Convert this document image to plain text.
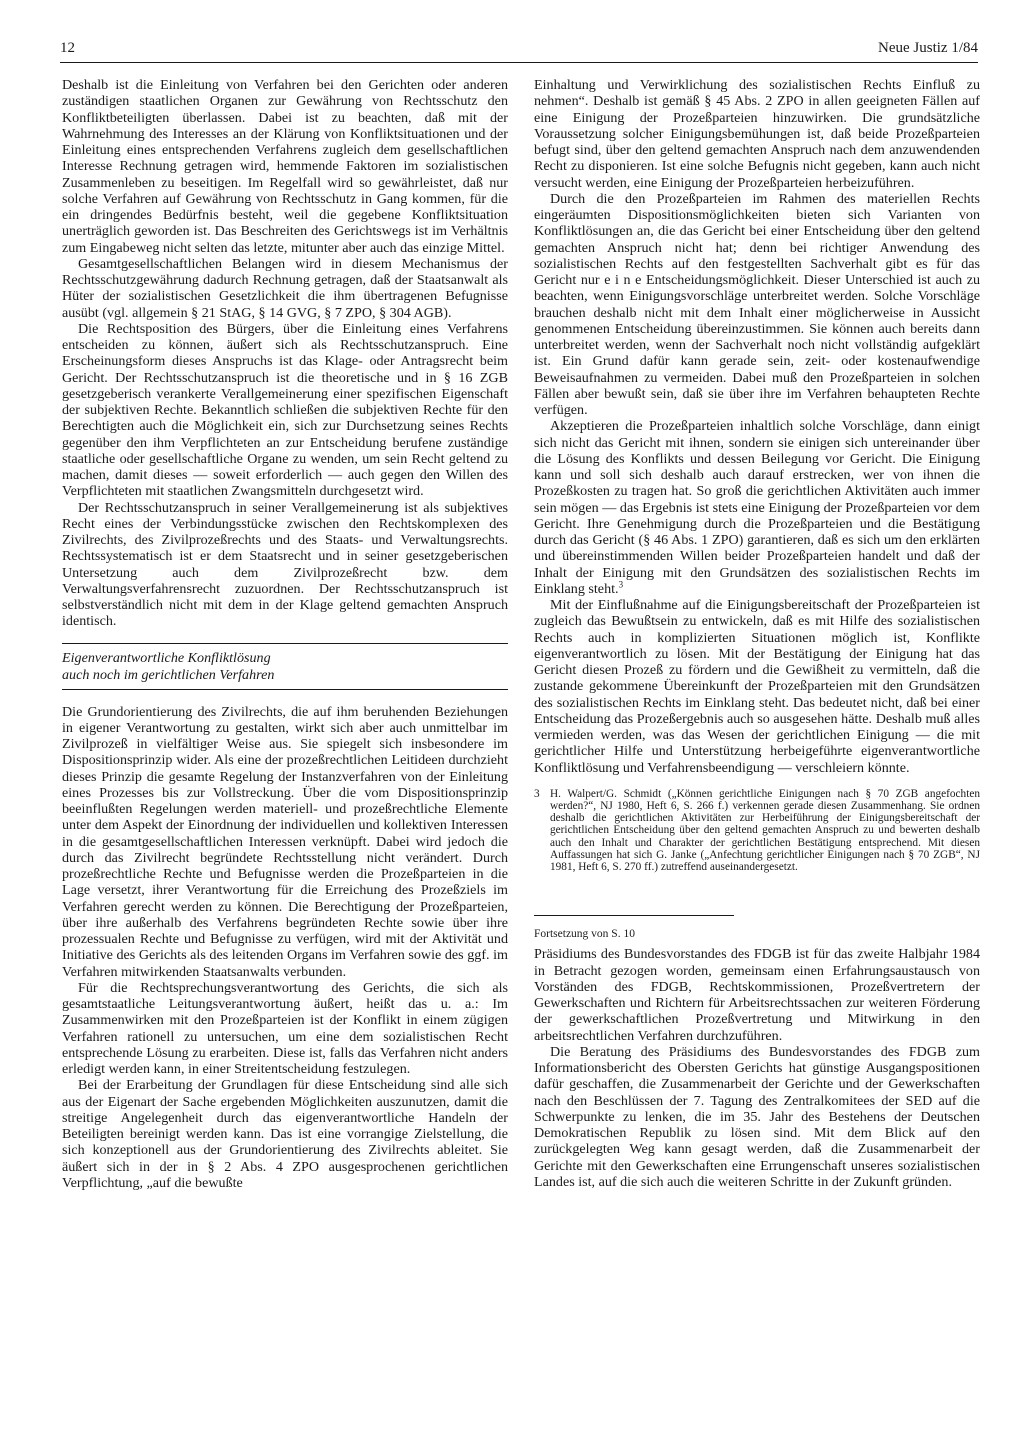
12	Neue Justiz 1/84

Deshalb ist die Einleitung von Verfahren bei den Gerichten oder anderen zuständigen staatlichen Organen zur Gewährung von Rechtsschutz den Konfliktbeteiligten überlassen. Dabei ist zu beachten, daß mit der Wahrnehmung des Interesses an der Klärung von Konfliktsituationen und der Einleitung eines entsprechenden Verfahrens zugleich dem gesellschaftlichen Interesse Rechnung getragen wird, hemmende Faktoren im sozialistischen Zusammenleben zu beseitigen. Im Regelfall wird so gewährleistet, daß nur solche Verfahren auf Gewährung von Rechtsschutz in Gang kommen, für die ein dringendes Bedürfnis besteht, weil die gegebene Konfliktsituation unerträglich geworden ist. Das Beschreiten des Gerichtswegs ist im Verhältnis zum Eingabeweg nicht selten das letzte, mitunter aber auch das einzige Mittel.

Gesamtgesellschaftlichen Belangen wird in diesem Mechanismus der Rechtsschutzgewährung dadurch Rechnung getragen, daß der Staatsanwalt als Hüter der sozialistischen Gesetzlichkeit die ihm übertragenen Befugnisse ausübt (vgl. allgemein § 21 StAG, § 14 GVG, § 7 ZPO, § 304 AGB).

Die Rechtsposition des Bürgers, über die Einleitung eines Verfahrens entscheiden zu können, äußert sich als Rechtsschutzanspruch. Eine Erscheinungsform dieses Anspruchs ist das Klage- oder Antragsrecht beim Gericht. Der Rechtsschutzanspruch ist die theoretische und in § 16 ZGB gesetzgeberisch verankerte Verallgemeinerung einer spezifischen Eigenschaft der subjektiven Rechte. Bekanntlich schließen die subjektiven Rechte für den Berechtigten auch die Möglichkeit ein, sich zur Durchsetzung seines Rechts gegenüber den ihm Verpflichteten an zur Entscheidung berufene zuständige staatliche oder gesellschaftliche Organe zu wenden, um sein Recht geltend zu machen, damit dieses — soweit erforderlich — auch gegen den Willen des Verpflichteten mit staatlichen Zwangsmitteln durchgesetzt wird.

Der Rechtsschutzanspruch in seiner Verallgemeinerung ist als subjektives Recht eines der Verbindungsstücke zwischen den Rechtskomplexen des Zivilrechts, des Zivilprozeßrechts und des Staats- und Verwaltungsrechts. Rechtssystematisch ist er dem Staatsrecht und in seiner gesetzgeberischen Untersetzung auch dem Zivilprozeßrecht bzw. dem Verwaltungsverfahrensrecht zuzuordnen. Der Rechtsschutzanspruch ist selbstverständlich nicht mit dem in der Klage geltend gemachten Anspruch identisch.

Eigenverantwortliche Konfliktlösung
auch noch im gerichtlichen Verfahren

Die Grundorientierung des Zivilrechts, die auf ihm beruhenden Beziehungen in eigener Verantwortung zu gestalten, wirkt sich aber auch unmittelbar im Zivilprozeß in vielfältiger Weise aus. Sie spiegelt sich insbesondere im Dispositionsprinzip wider. Als eine der prozeßrechtlichen Leitideen durchzieht dieses Prinzip die gesamte Regelung der Instanzverfahren von der Einleitung eines Prozesses bis zur Vollstreckung. Über die vom Dispositionsprinzip beeinflußten Regelungen werden materiell- und prozeßrechtliche Elemente unter dem Aspekt der Einordnung der individuellen und kollektiven Interessen in die gesamtgesellschaftlichen Interessen verknüpft. Dabei wird jedoch die durch das Zivilrecht begründete Rechtsstellung nicht verändert. Durch prozeßrechtliche Rechte und Befugnisse werden die Prozeßparteien in die Lage versetzt, ihrer Verantwortung für die Erreichung des Prozeßziels im Verfahren gerecht werden zu können. Die Berechtigung der Prozeßparteien, über ihre außerhalb des Verfahrens begründeten Rechte sowie über ihre prozessualen Rechte und Befugnisse zu verfügen, wird mit der Aktivität und Initiative des Gerichts als des leitenden Organs im Verfahren sowie des ggf. im Verfahren mitwirkenden Staatsanwalts verbunden.

Für die Rechtsprechungsverantwortung des Gerichts, die sich als gesamtstaatliche Leitungsverantwortung äußert, heißt das u. a.: Im Zusammenwirken mit den Prozeßparteien ist der Konflikt in einem zügigen Verfahren rationell zu untersuchen, um eine dem sozialistischen Recht entsprechende Lösung zu erarbeiten. Diese ist, falls das Verfahren nicht anders erledigt werden kann, in einer Streitentscheidung festzulegen.

Bei der Erarbeitung der Grundlagen für diese Entscheidung sind alle sich aus der Eigenart der Sache ergebenden Möglichkeiten auszunutzen, damit die streitige Angelegenheit durch das eigenverantwortliche Handeln der Beteiligten bereinigt werden kann. Das ist eine vorrangige Zielstellung, die sich konzeptionell aus der Grundorientierung des Zivilrechts ableitet. Sie äußert sich in der in § 2 Abs. 4 ZPO ausgesprochenen gerichtlichen Verpflichtung, „auf die bewußte

Einhaltung und Verwirklichung des sozialistischen Rechts Einfluß zu nehmen“. Deshalb ist gemäß § 45 Abs. 2 ZPO in allen geeigneten Fällen auf eine Einigung der Prozeßparteien hinzuwirken. Die grundsätzliche Voraussetzung solcher Einigungsbemühungen ist, daß beide Prozeßparteien befugt sind, über den geltend gemachten Anspruch nach dem anzuwendenden Recht zu disponieren. Ist eine solche Befugnis nicht gegeben, kann auch nicht versucht werden, eine Einigung der Prozeßparteien herbeizuführen.

Durch die den Prozeßparteien im Rahmen des materiellen Rechts eingeräumten Dispositionsmöglichkeiten bieten sich Varianten von Konfliktlösungen an, die das Gericht bei einer Entscheidung über den geltend gemachten Anspruch nicht hat; denn bei richtiger Anwendung des sozialistischen Rechts auf den festgestellten Sachverhalt gibt es für das Gericht nur e i n e Entscheidungsmöglichkeit. Dieser Unterschied ist auch zu beachten, wenn Einigungsvorschläge unterbreitet werden. Solche Vorschläge brauchen deshalb nicht mit dem Inhalt einer möglicherweise in Aussicht genommenen Entscheidung übereinzustimmen. Sie können auch bereits dann unterbreitet werden, wenn der Sachverhalt noch nicht vollständig aufgeklärt ist. Ein Grund dafür kann gerade sein, zeit- oder kostenaufwendige Beweisaufnahmen zu vermeiden. Dabei muß den Prozeßparteien in solchen Fällen aber bewußt sein, daß sie über ihre im Verfahren behaupteten Rechte verfügen.

Akzeptieren die Prozeßparteien inhaltlich solche Vorschläge, dann einigt sich nicht das Gericht mit ihnen, sondern sie einigen sich untereinander über die Lösung des Konflikts und dessen Beilegung vor Gericht. Die Einigung kann und soll sich deshalb auch darauf erstrecken, wer von ihnen die Prozeßkosten zu tragen hat. So groß die gerichtlichen Aktivitäten auch immer sein mögen — das Ergebnis ist stets eine Einigung der Prozeßparteien vor dem Gericht. Ihre Genehmigung durch die Prozeßparteien und die Bestätigung durch das Gericht (§ 46 Abs. 1 ZPO) garantieren, daß es sich um den erklärten und übereinstimmenden Willen beider Prozeßparteien handelt und daß der Inhalt der Einigung mit den Grundsätzen des sozialistischen Rechts im Einklang steht.$^3$

Mit der Einflußnahme auf die Einigungsbereitschaft der Prozeßparteien ist zugleich das Bewußtsein zu entwickeln, daß es mit Hilfe des sozialistischen Rechts auch in komplizierten Situationen möglich ist, Konflikte eigenverantwortlich zu lösen. Mit der Bestätigung der Einigung hat das Gericht diesen Prozeß zu fördern und die Gewißheit zu vermitteln, daß die zustande gekommene Übereinkunft der Prozeßparteien mit den Grundsätzen des sozialistischen Rechts im Einklang steht. Das bedeutet nicht, daß bei einer Entscheidung das Prozeßergebnis auch so ausgesehen hätte. Deshalb muß alles vermieden werden, was das Wesen der gerichtlichen Einigung — die mit gerichtlicher Hilfe und Unterstützung herbeigeführte eigenverantwortliche Konfliktlösung und Verfahrensbeendigung — verschleiern könnte.

3 H. Walpert/G. Schmidt („Können gerichtliche Einigungen nach § 70 ZGB angefochten werden?“, NJ 1980, Heft 6, S. 266 f.) verkennen gerade diesen Zusammenhang. Sie ordnen deshalb die gerichtlichen Aktivitäten zur Herbeiführung der Einigungsbereitschaft der gerichtlichen Entscheidung über den geltend gemachten Anspruch zu und bewerten deshalb auch den Inhalt und Charakter der gerichtlichen Bestätigung entsprechend. Mit diesen Auffassungen hat sich G. Janke („Anfechtung gerichtlicher Einigungen nach § 70 ZGB“, NJ 1981, Heft 6, S. 270 ff.) zutreffend auseinandergesetzt.

Fortsetzung von S. 10

Präsidiums des Bundesvorstandes des FDGB ist für das zweite Halbjahr 1984 in Betracht gezogen worden, gemeinsam einen Erfahrungsaustausch von Vorständen des FDGB, Rechtskommissionen, Prozeßvertretern der Gewerkschaften und Richtern für Arbeitsrechtssachen zur weiteren Förderung der gewerkschaftlichen Prozeßvertretung und Mitwirkung in den arbeitsrechtlichen Verfahren durchzuführen.

Die Beratung des Präsidiums des Bundesvorstandes des FDGB zum Informationsbericht des Obersten Gerichts hat günstige Ausgangspositionen dafür geschaffen, die Zusammenarbeit der Gerichte und der Gewerkschaften nach den Beschlüssen der 7. Tagung des Zentralkomitees der SED auf die Schwerpunkte zu lenken, die im 35. Jahr des Bestehens der Deutschen Demokratischen Republik zu lösen sind. Mit dem Blick auf den zurückgelegten Weg kann gesagt werden, daß die Zusammenarbeit der Gerichte mit den Gewerkschaften eine Errungenschaft unseres sozialistischen Landes ist, auf die sich auch die weiteren Schritte in der Zukunft gründen.
